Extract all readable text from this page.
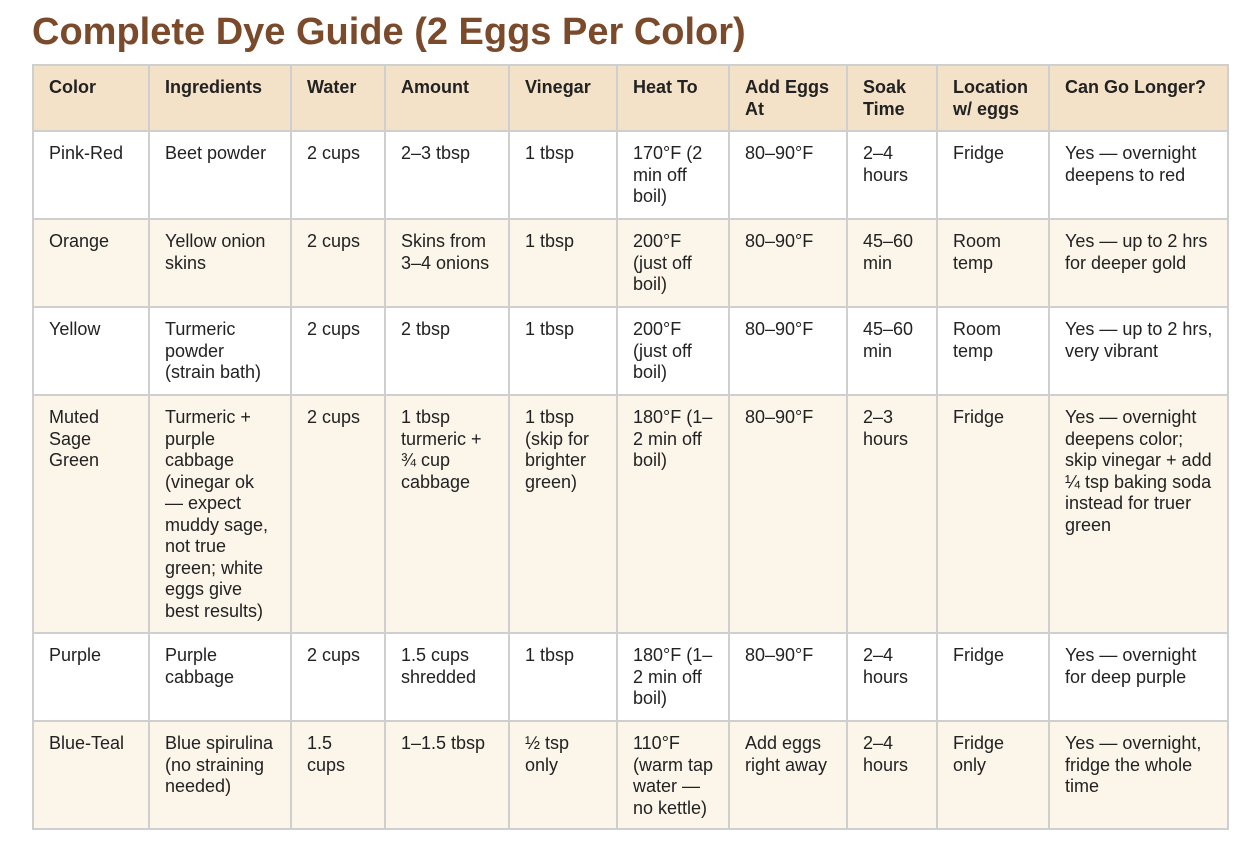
Complete Dye Guide (2 Eggs Per Color)
Color	Ingredients	Water	Amount	Vinegar	Heat To	Add Eggs At	Soak Time	Location w/ eggs	Can Go Longer?
Pink-Red	Beet powder	2 cups	2–3 tbsp	1 tbsp	170°F (2 min off boil)	80–90°F	2–4 hours	Fridge	Yes — overnight deepens to red
Orange	Yellow onion skins	2 cups	Skins from 3–4 onions	1 tbsp	200°F (just off boil)	80–90°F	45–60 min	Room temp	Yes — up to 2 hrs for deeper gold
Yellow	Turmeric powder (strain bath)	2 cups	2 tbsp	1 tbsp	200°F (just off boil)	80–90°F	45–60 min	Room temp	Yes — up to 2 hrs, very vibrant
Muted Sage Green	Turmeric + purple cabbage (vinegar ok — expect muddy sage, not true green; white eggs give best results)	2 cups	1 tbsp turmeric + ¾ cup cabbage	1 tbsp (skip for brighter green)	180°F (1–2 min off boil)	80–90°F	2–3 hours	Fridge	Yes — overnight deepens color; skip vinegar + add ¼ tsp baking soda instead for truer green
Purple	Purple cabbage	2 cups	1.5 cups shredded	1 tbsp	180°F (1–2 min off boil)	80–90°F	2–4 hours	Fridge	Yes — overnight for deep purple
Blue-Teal	Blue spirulina (no straining needed)	1.5 cups	1–1.5 tbsp	½ tsp only	110°F (warm tap water — no kettle)	Add eggs right away	2–4 hours	Fridge only	Yes — overnight, fridge the whole time
